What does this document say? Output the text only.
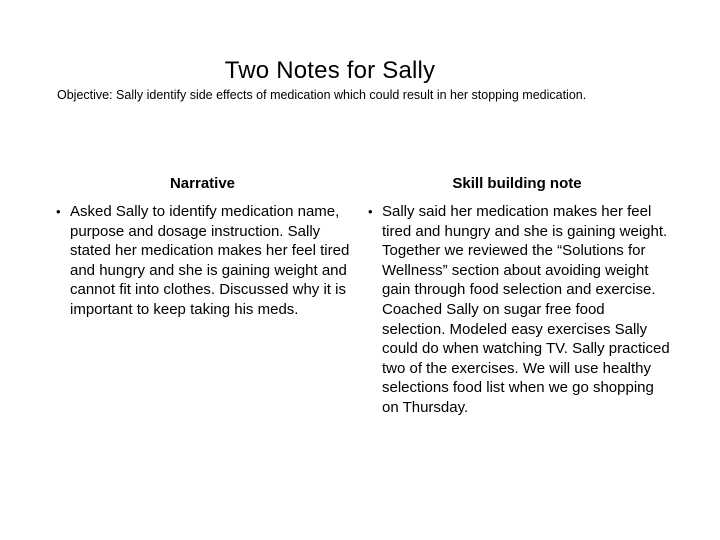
Two Notes for Sally
Objective: Sally identify side effects of medication which could result in her stopping medication.
Narrative
• Asked Sally to identify medication name, purpose and dosage instruction. Sally stated her medication makes her feel tired and hungry and she is gaining weight and cannot fit into clothes. Discussed why it is important to keep taking his meds.
Skill building note
• Sally said her medication makes her feel tired and hungry and she is gaining weight. Together we reviewed the “Solutions for Wellness” section about avoiding weight gain through food selection and exercise. Coached Sally on sugar free food selection. Modeled easy exercises Sally could do when watching TV. Sally practiced two of the exercises. We will use healthy selections food list when we go shopping on Thursday.
